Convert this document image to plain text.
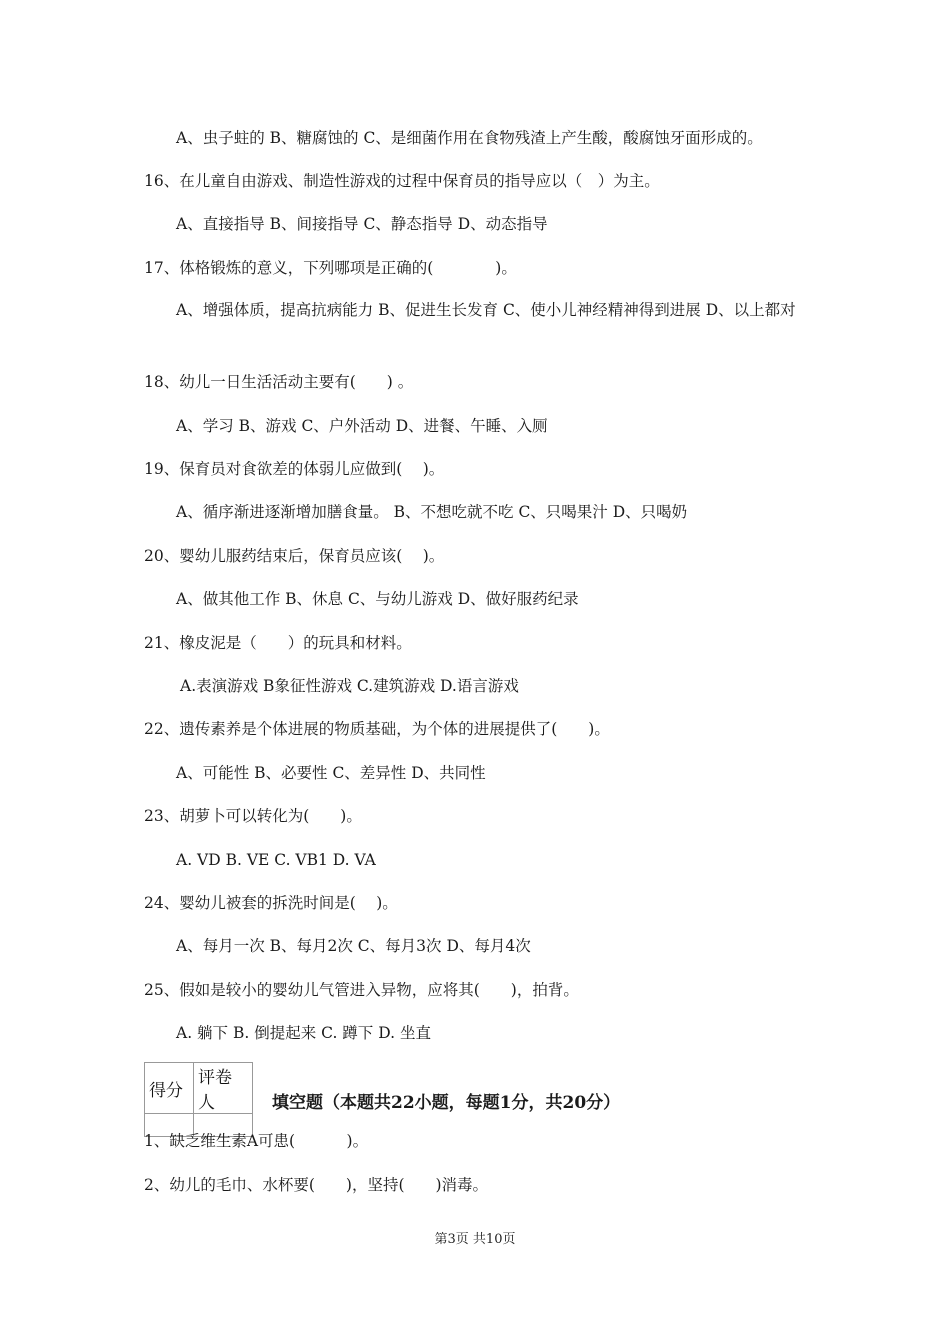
A、虫子蛀的 B、糖腐蚀的 C、是细菌作用在食物残渣上产生酸，酸腐蚀牙面形成的。
16、在儿童自由游戏、制造性游戏的过程中保育员的指导应以（　）为主。
A、直接指导 B、间接指导 C、静态指导 D、动态指导
17、体格锻炼的意义，下列哪项是正确的(　　　　)。
A、增强体质，提高抗病能力 B、促进生长发育 C、使小儿神经精神得到进展 D、以上都对
18、幼儿一日生活活动主要有(　　) 。
A、学习 B、游戏 C、户外活动 D、进餐、午睡、入厕
19、保育员对食欲差的体弱儿应做到(　 )。
A、循序渐进逐渐增加膳食量。 B、不想吃就不吃 C、只喝果汁 D、只喝奶
20、婴幼儿服药结束后，保育员应该(　 )。
A、做其他工作 B、休息 C、与幼儿游戏 D、做好服药纪录
21、橡皮泥是（　　）的玩具和材料。
A.表演游戏 B象征性游戏 C.建筑游戏 D.语言游戏
22、遗传素养是个体进展的物质基础，为个体的进展提供了(　　)。
A、可能性 B、必要性 C、差异性 D、共同性
23、胡萝卜可以转化为(　　)。
A. VD B. VE C. VB1 D. VA
24、婴幼儿被套的拆洗时间是(　 )。
A、每月一次 B、每月2次 C、每月3次 D、每月4次
25、假如是较小的婴幼儿气管进入异物，应将其(　　)，拍背。
A. 躺下 B. 倒提起来 C. 蹲下 D. 坐直
得分	评卷人
		填空题（本题共22小题，每题1分，共20分）
1、缺乏维生素A可患(　　　 )。
2、幼儿的毛巾、水杯要(　　)，坚持(　　)消毒。
第3页 共10页
